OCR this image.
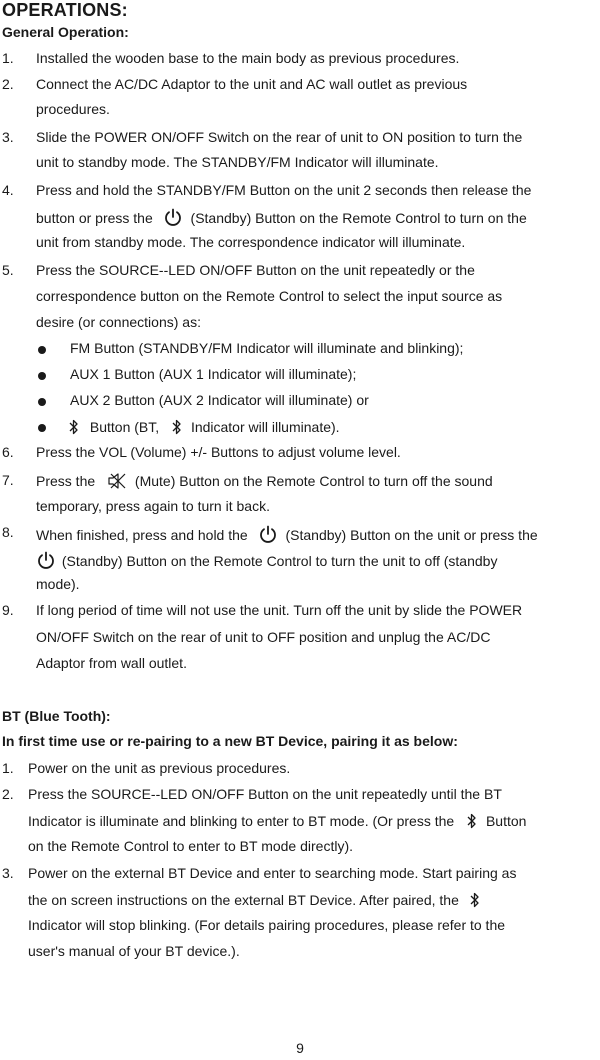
OPERATIONS:
General Operation:
1. Installed the wooden base to the main body as previous procedures.
2. Connect the AC/DC Adaptor to the unit and AC wall outlet as previous
procedures.
3. Slide the POWER ON/OFF Switch on the rear of unit to ON position to turn the
unit to standby mode. The STANDBY/FM Indicator will illuminate.
4. Press and hold the STANDBY/FM Button on the unit 2 seconds then release the
button or press the	(Standby) Button on the Remote Control to turn on the
unit from standby mode. The correspondence indicator will illuminate.
5. Press the SOURCE--LED ON/OFF Button on the unit repeatedly or the
correspondence button on the Remote Control to select the input source as
desire (or connections) as:
FM Button (STANDBY/FM Indicator will illuminate and blinking);
AUX 1 Button (AUX 1 Indicator will illuminate);
AUX 2 Button (AUX 2 Indicator will illuminate) or
Button (BT, Indicator will illuminate).
6. Press the VOL (Volume) +/- Buttons to adjust volume level.
7. Press the	(Mute) Button on the Remote Control to turn off the sound
temporary, press again to turn it back.
8. When finished, press and hold the	(Standby) Button on the unit or press the
(Standby) Button on the Remote Control to turn the unit to off (standby
mode).
9. If long period of time will not use the unit. Turn off the unit by slide the POWER
ON/OFF Switch on the rear of unit to OFF position and unplug the AC/DC
Adaptor from wall outlet.
BT (Blue Tooth):
In first time use or re-pairing to a new BT Device, pairing it as below:
1. Power on the unit as previous procedures.
2. Press the SOURCE--LED ON/OFF Button on the unit repeatedly until the BT
Indicator is illuminate and blinking to enter to BT mode. (Or press the Button
on the Remote Control to enter to BT mode directly).
3. Power on the external BT Device and enter to searching mode. Start pairing as
the on screen instructions on the external BT Device. After paired, the
Indicator will stop blinking. (For details pairing procedures, please refer to the
user's manual of your BT device.).
9
